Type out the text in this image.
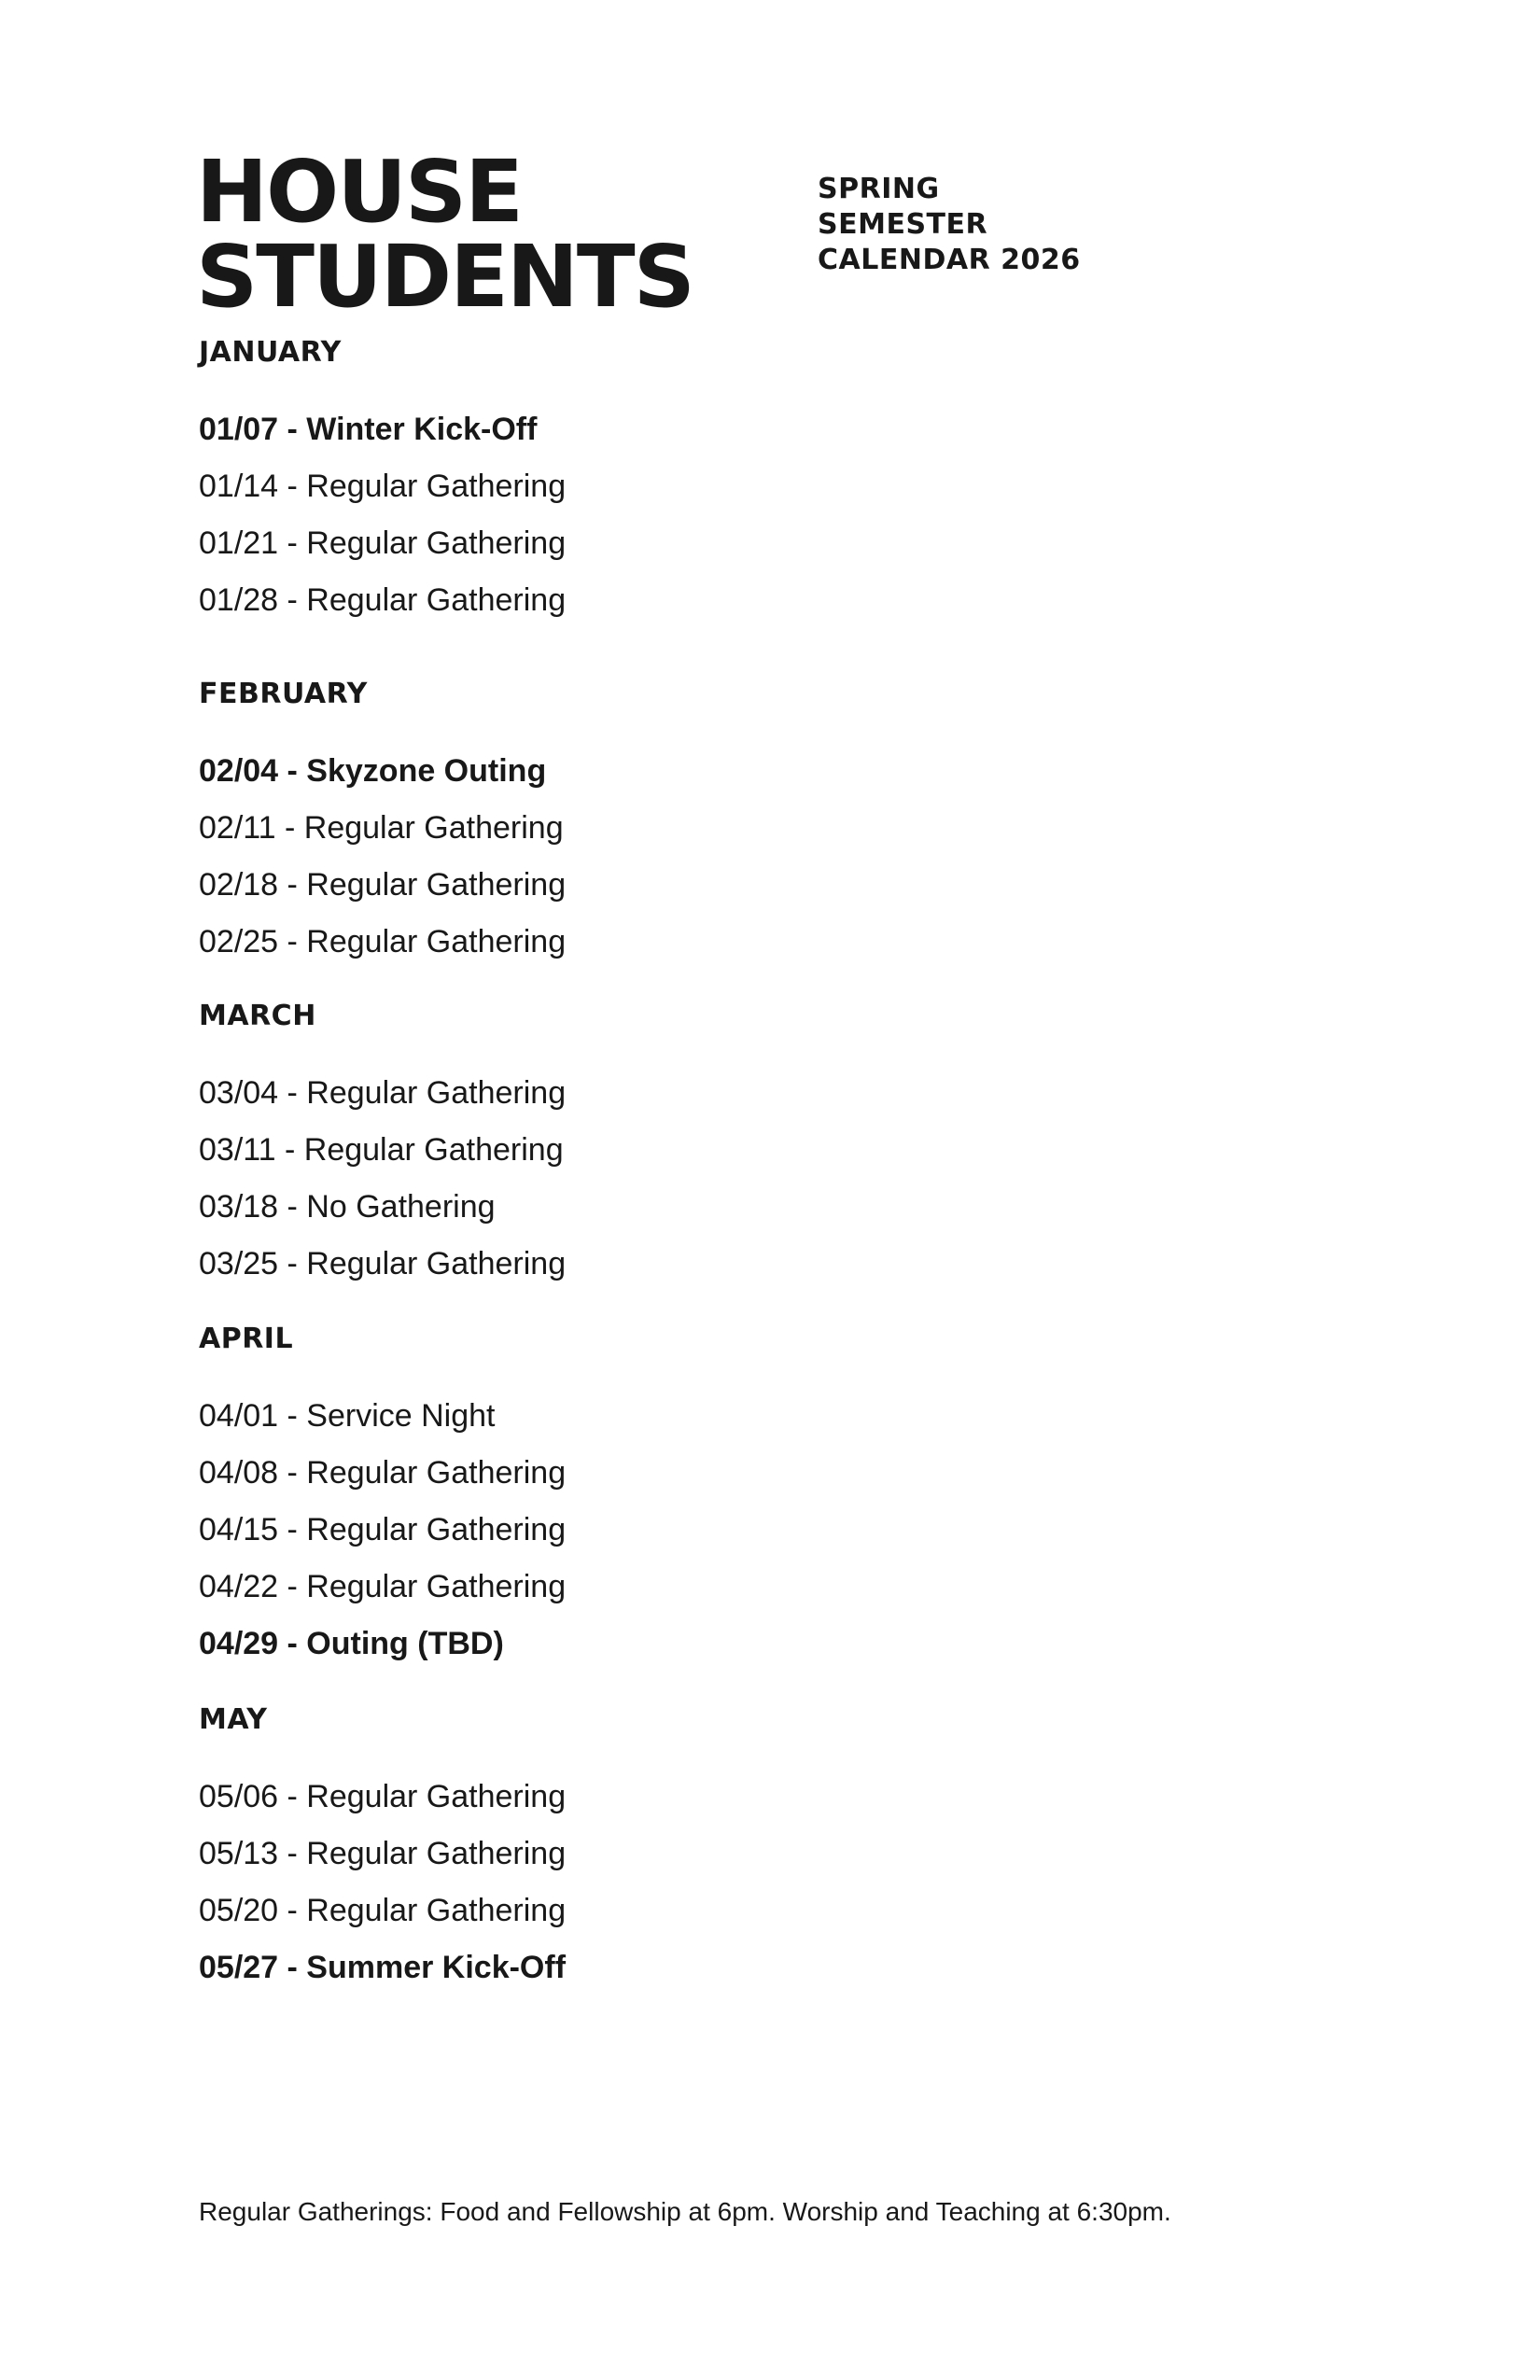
HOUSE
STUDENTS
SPRING
SEMESTER
CALENDAR 2026
JANUARY
01/07 - Winter Kick-Off
01/14 - Regular Gathering
01/21 - Regular Gathering
01/28 - Regular Gathering
FEBRUARY
02/04 - Skyzone Outing
02/11 - Regular Gathering
02/18 - Regular Gathering
02/25 - Regular Gathering
MARCH
03/04 - Regular Gathering
03/11 - Regular Gathering
03/18 - No Gathering
03/25 - Regular Gathering
APRIL
04/01 - Service Night
04/08 - Regular Gathering
04/15 - Regular Gathering
04/22 - Regular Gathering
04/29 - Outing (TBD)
MAY
05/06 - Regular Gathering
05/13 - Regular Gathering
05/20 - Regular Gathering
05/27 - Summer Kick-Off
Regular Gatherings: Food and Fellowship at 6pm. Worship and Teaching at 6:30pm.
